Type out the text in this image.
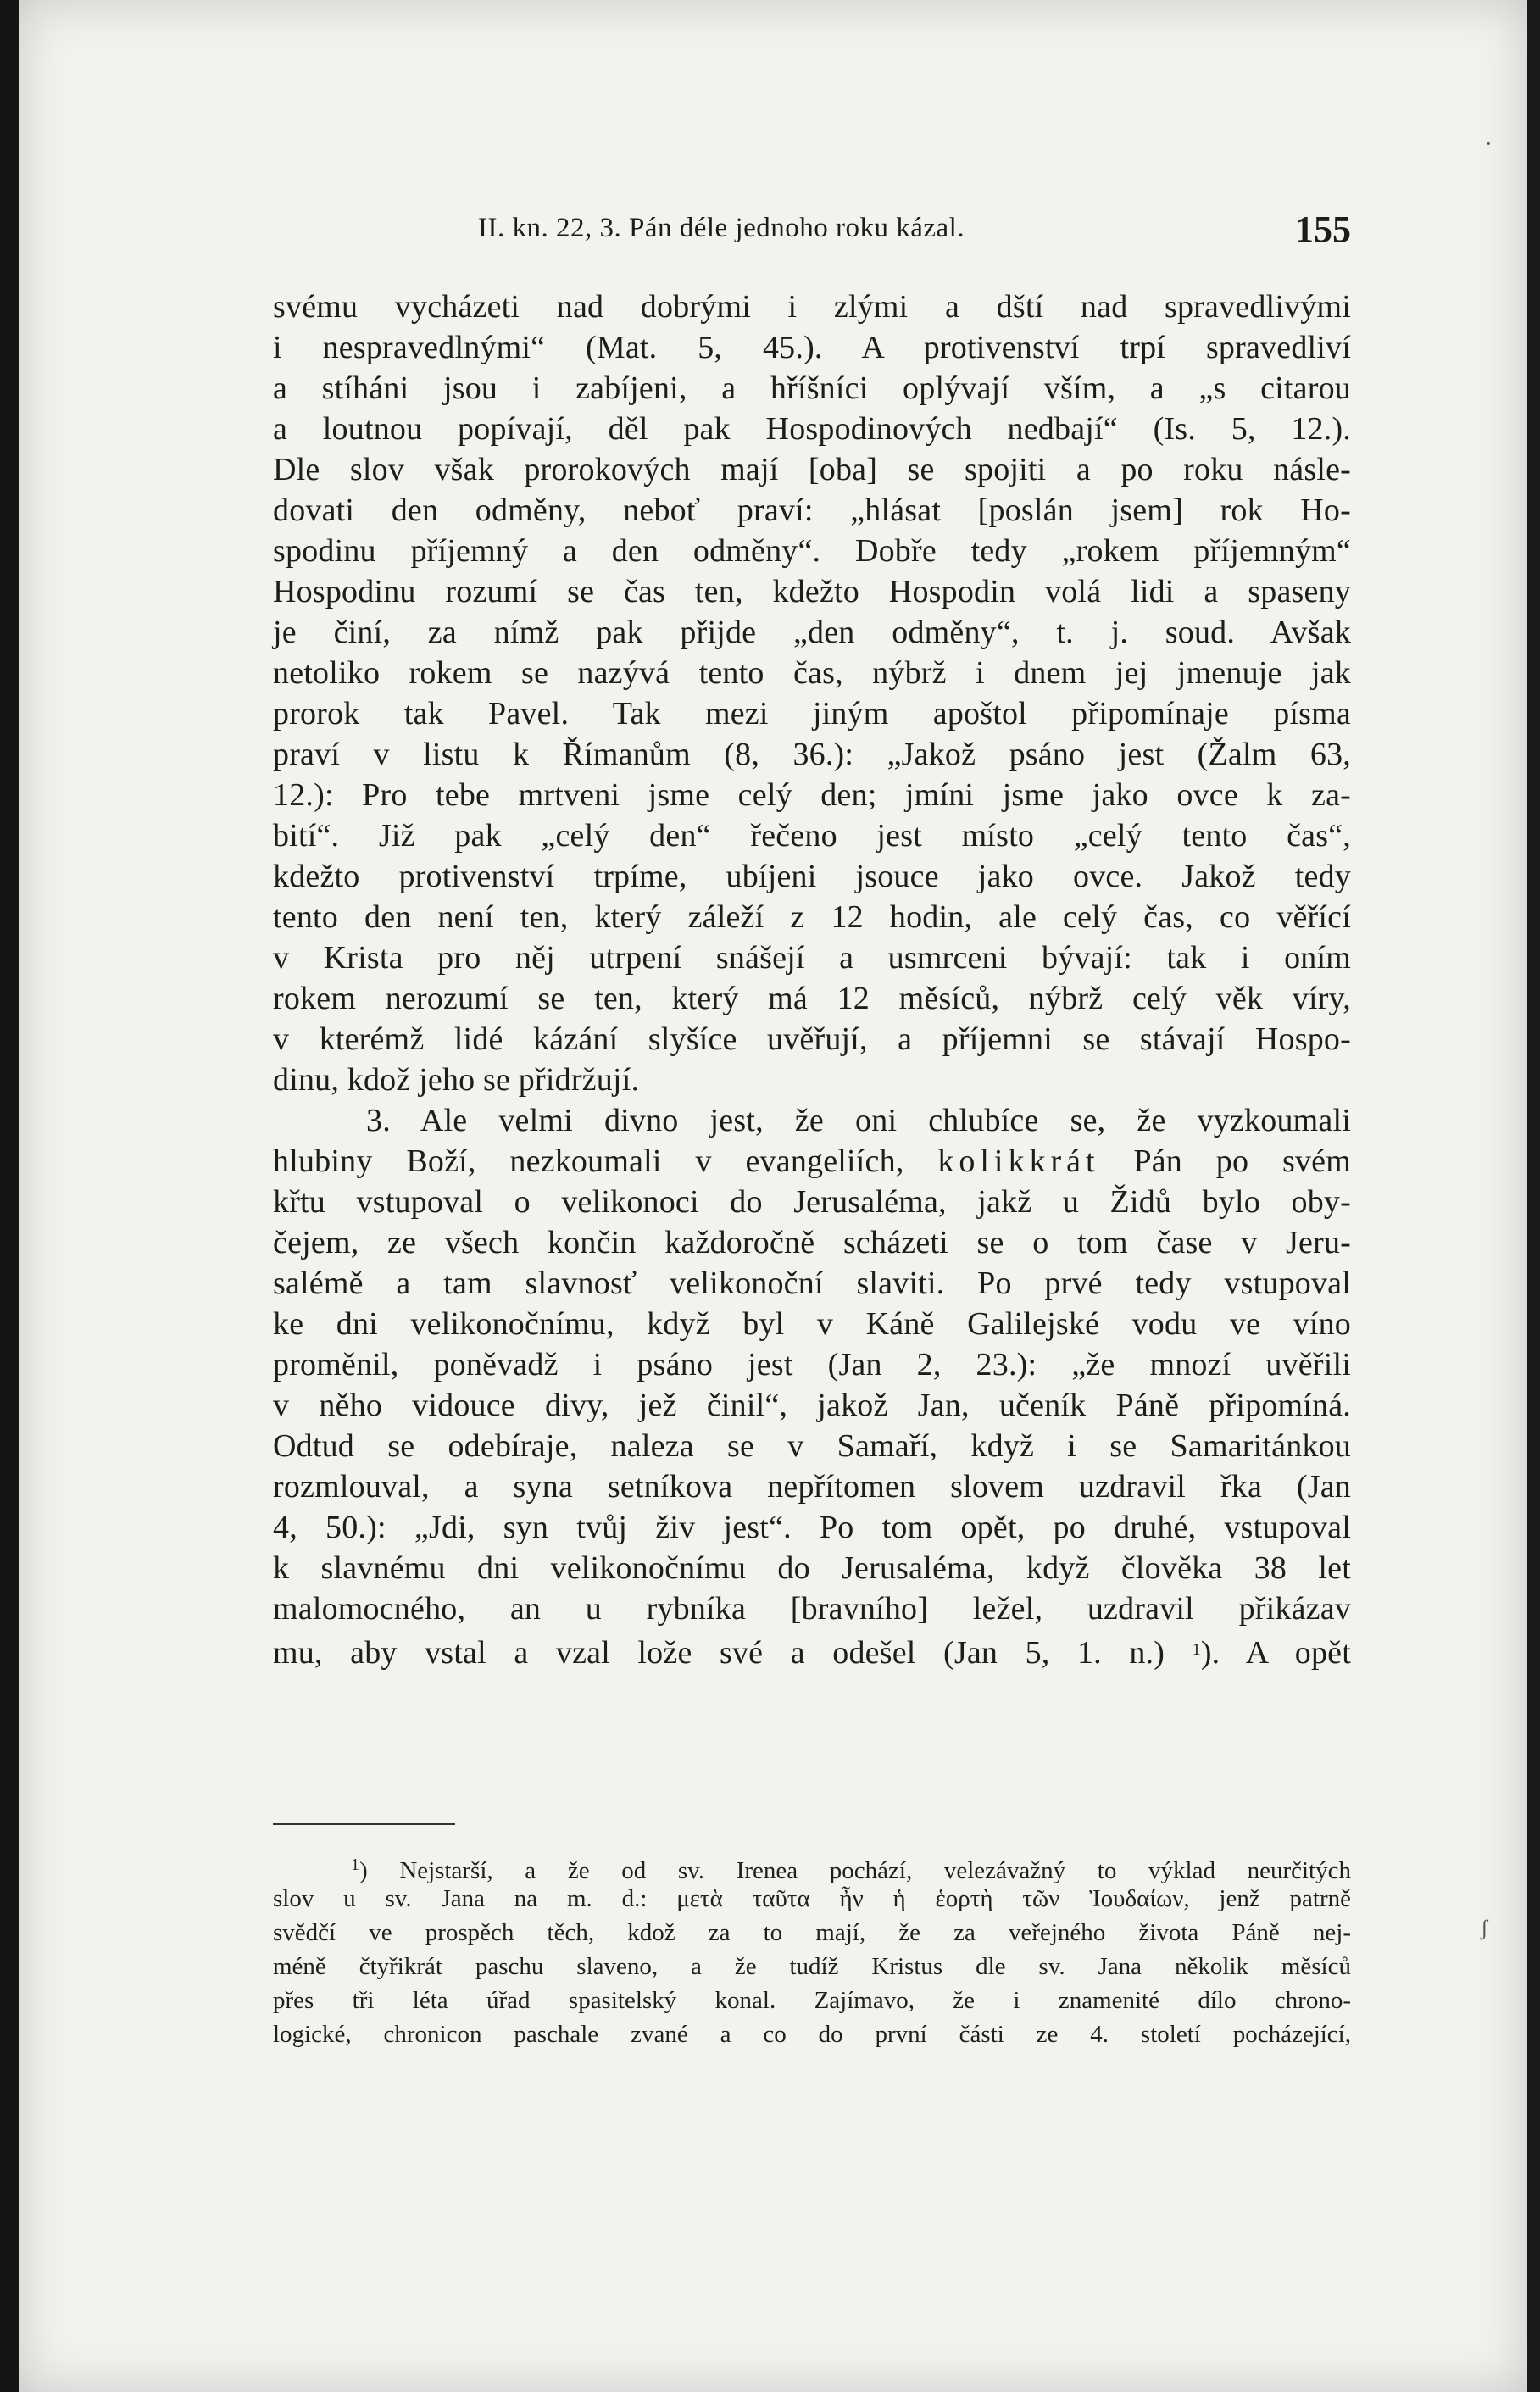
II. kn. 22, 3. Pán déle jednoho roku kázal.	155
svému vycházeti nad dobrými i zlými a dští nad spravedlivými
i nespravedlnými“ (Mat. 5, 45.). A protivenství trpí spravedliví
a stíháni jsou i zabíjeni, a hříšníci oplývají vším, a „s citarou
a loutnou popívají, děl pak Hospodinových nedbají“ (Is. 5, 12.).
Dle slov však prorokových mají [oba] se spojiti a po roku násle-
dovati den odměny, neboť praví: „hlásat [poslán jsem] rok Ho-
spodinu příjemný a den odměny“. Dobře tedy „rokem příjemným“
Hospodinu rozumí se čas ten, kdežto Hospodin volá lidi a spaseny
je činí, za nímž pak přijde „den odměny“, t. j. soud. Avšak
netoliko rokem se nazývá tento čas, nýbrž i dnem jej jmenuje jak
prorok tak Pavel. Tak mezi jiným apoštol připomínaje písma
praví v listu k Římanům (8, 36.): „Jakož psáno jest (Žalm 63,
12.): Pro tebe mrtveni jsme celý den; jmíni jsme jako ovce k za-
bití“. Již pak „celý den“ řečeno jest místo „celý tento čas“,
kdežto protivenství trpíme, ubíjeni jsouce jako ovce. Jakož tedy
tento den není ten, který záleží z 12 hodin, ale celý čas, co věřící
v Krista pro něj utrpení snášejí a usmrceni bývají: tak i oním
rokem nerozumí se ten, který má 12 měsíců, nýbrž celý věk víry,
v kterémž lidé kázání slyšíce uvěřují, a příjemni se stávají Hospo-
dinu, kdož jeho se přidržují.
3. Ale velmi divno jest, že oni chlubíce se, že vyzkoumali
hlubiny Boží, nezkoumali v evangeliích, kolikkrát Pán po svém
křtu vstupoval o velikonoci do Jerusaléma, jakž u Židů bylo oby-
čejem, ze všech končin každoročně scházeti se o tom čase v Jeru-
salémě a tam slavnosť velikonoční slaviti. Po prvé tedy vstupoval
ke dni velikonočnímu, když byl v Káně Galilejské vodu ve víno
proměnil, poněvadž i psáno jest (Jan 2, 23.): „že mnozí uvěřili
v něho vidouce divy, jež činil“, jakož Jan, učeník Páně připomíná.
Odtud se odebíraje, naleza se v Samaří, když i se Samaritánkou
rozmlouval, a syna setníkova nepřítomen slovem uzdravil řka (Jan
4, 50.): „Jdi, syn tvůj živ jest“. Po tom opět, po druhé, vstupoval
k slavnému dni velikonočnímu do Jerusaléma, když člověka 38 let
malomocného, an u rybníka [bravního] ležel, uzdravil přikázav
mu, aby vstal a vzal lože své a odešel (Jan 5, 1. n.) $^1$). A opět
$^1$) Nejstarší, a že od sv. Irenea pochází, velezávažný to výklad neurčitých
slov u sv. Jana na m. d.: μετὰ ταῦτα ἦν ἡ ἑορτὴ τῶν Ἰουδαίων, jenž patrně
svědčí ve prospěch těch, kdož za to mají, že za veřejného života Páně nej-
méně čtyřikrát paschu slaveno, a že tudíž Kristus dle sv. Jana několik měsíců
přes tři léta úřad spasitelský konal. Zajímavo, že i znamenité dílo chrono-
logické, chronicon paschale zvané a co do první části ze 4. století pocházející,
·
ʃ
